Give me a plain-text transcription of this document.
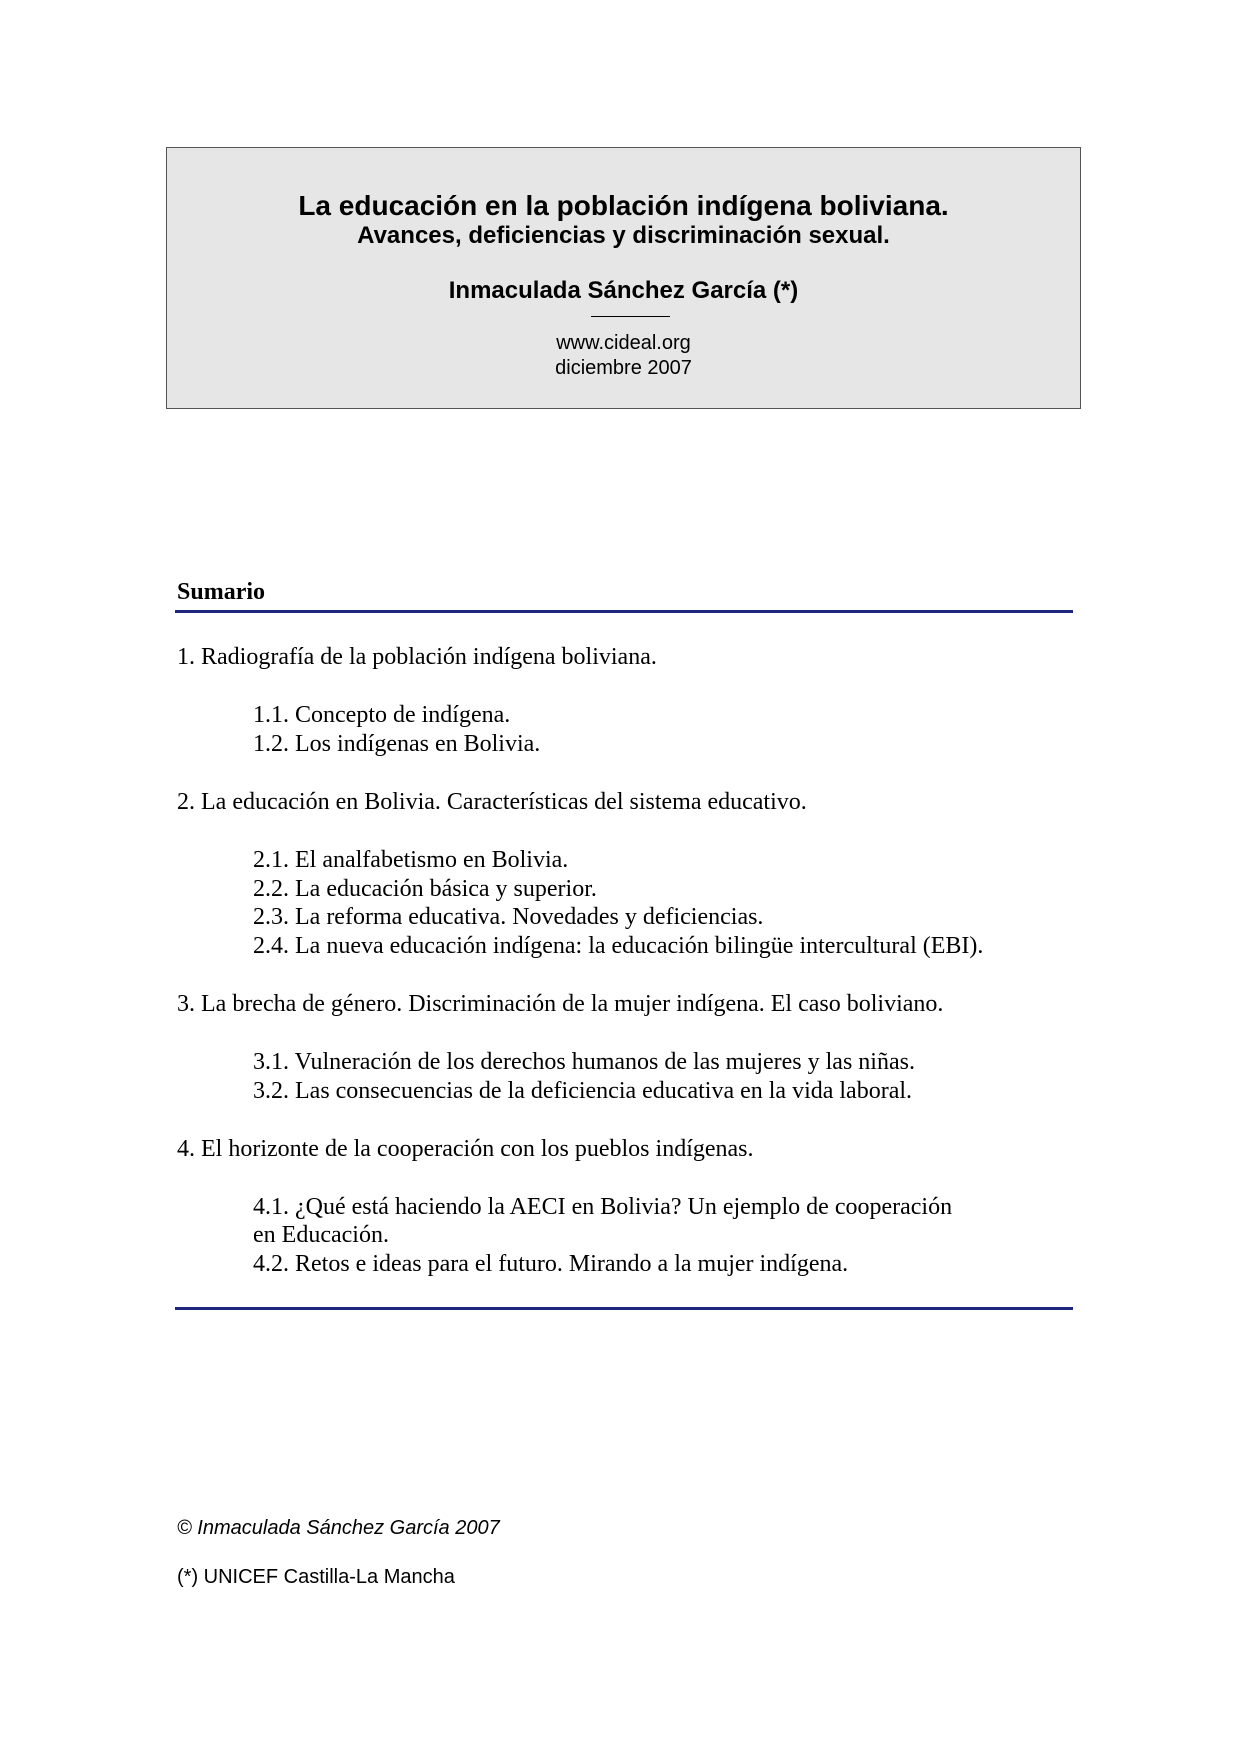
La educación en la población indígena boliviana.
Avances, deficiencias y discriminación sexual.
Inmaculada Sánchez García (*)
www.cideal.org
diciembre 2007
Sumario
1. Radiografía de la población indígena boliviana.
1.1. Concepto de indígena.
1.2. Los indígenas en Bolivia.
2. La educación en Bolivia. Características del sistema educativo.
2.1. El analfabetismo en Bolivia.
2.2. La educación básica y superior.
2.3. La reforma educativa. Novedades y deficiencias.
2.4. La nueva educación indígena: la educación bilingüe intercultural (EBI).
3. La brecha de género. Discriminación de la mujer indígena. El caso boliviano.
3.1. Vulneración de los derechos humanos de las mujeres y las niñas.
3.2. Las consecuencias de la deficiencia educativa en la vida laboral.
4. El horizonte de la cooperación con los pueblos indígenas.
4.1. ¿Qué está haciendo la AECI en Bolivia? Un ejemplo de cooperación
en Educación.
4.2. Retos e ideas para el futuro. Mirando a la mujer indígena.
© Inmaculada Sánchez García 2007
(*) UNICEF Castilla-La Mancha
